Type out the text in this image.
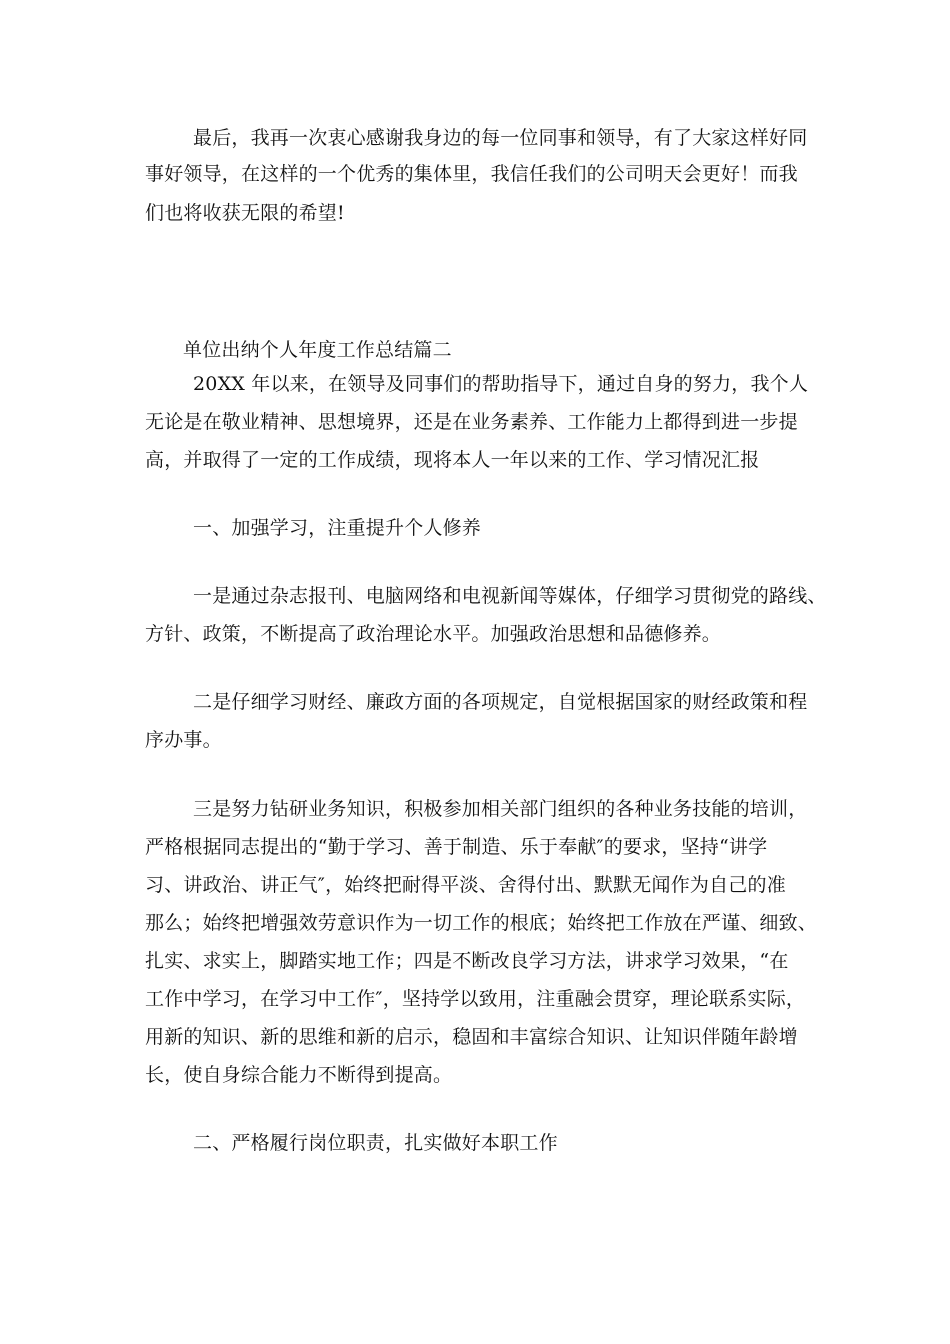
最后，我再一次衷心感谢我身边的每一位同事和领导，有了大家这样好同
事好领导，在这样的一个优秀的集体里，我信任我们的公司明天会更好！而我
们也将收获无限的希望!
单位出纳个人年度工作总结篇二
20XX 年以来，在领导及同事们的帮助指导下，通过自身的努力，我个人
无论是在敬业精神、思想境界，还是在业务素养、工作能力上都得到进一步提
高，并取得了一定的工作成绩，现将本人一年以来的工作、学习情况汇报
一、加强学习，注重提升个人修养
一是通过杂志报刊、电脑网络和电视新闻等媒体，仔细学习贯彻党的路线、
方针、政策，不断提高了政治理论水平。加强政治思想和品德修养。
二是仔细学习财经、廉政方面的各项规定，自觉根据国家的财经政策和程
序办事。
三是努力钻研业务知识，积极参加相关部门组织的各种业务技能的培训，
严格根据同志提出的“勤于学习、善于制造、乐于奉献″的要求，坚持“讲学
习、讲政治、讲正气″，始终把耐得平淡、舍得付出、默默无闻作为自己的准
那么；始终把增强效劳意识作为一切工作的根底；始终把工作放在严谨、细致、
扎实、求实上，脚踏实地工作；四是不断改良学习方法，讲求学习效果，“在
工作中学习，在学习中工作″，坚持学以致用，注重融会贯穿，理论联系实际，
用新的知识、新的思维和新的启示，稳固和丰富综合知识、让知识伴随年龄增
长，使自身综合能力不断得到提高。
二、严格履行岗位职责，扎实做好本职工作
